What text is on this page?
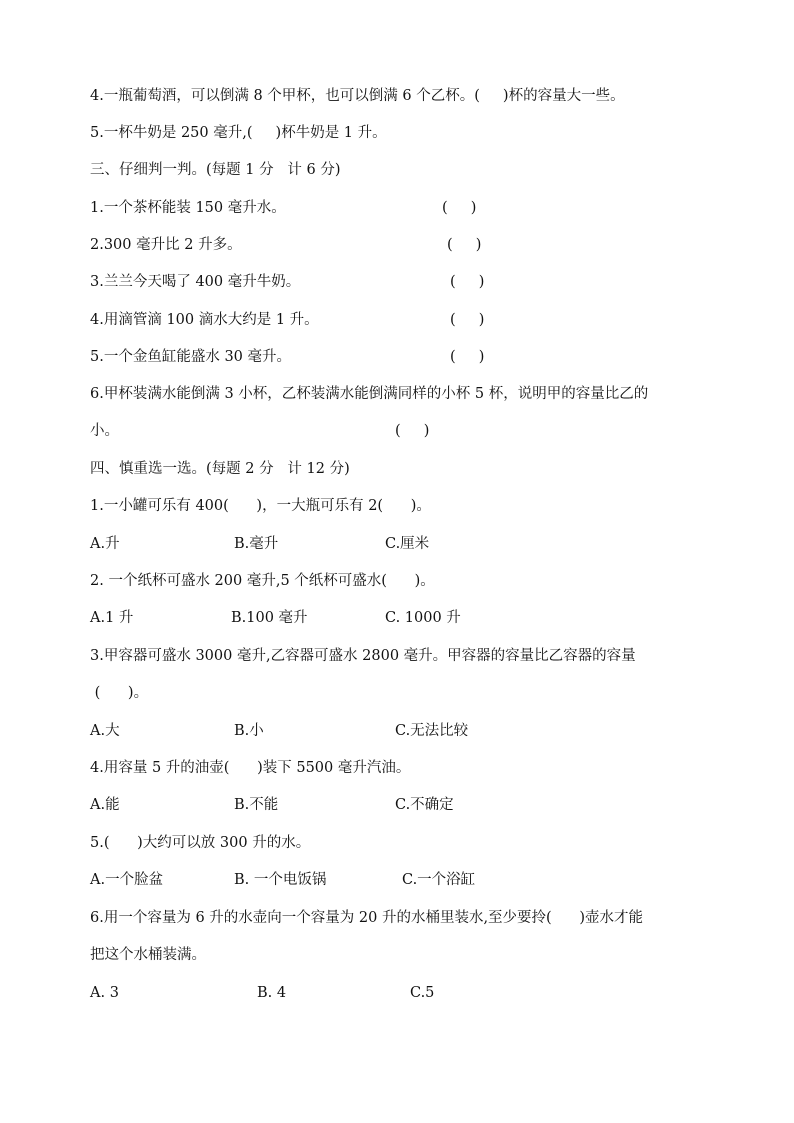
4.一瓶葡萄酒，可以倒满 8 个甲杯，也可以倒满 6 个乙杯。(     )杯的容量大一些。
5.一杯牛奶是 250 毫升,(     )杯牛奶是 1 升。
三、仔细判一判。(每题 1 分   计 6 分)
1.一个茶杯能装 150 毫升水。	(     )
2.300 毫升比 2 升多。	(     )
3.兰兰今天喝了 400 毫升牛奶。	(     )
4.用滴管滴 100 滴水大约是 1 升。	(     )
5.一个金鱼缸能盛水 30 毫升。	(     )
6.甲杯装满水能倒满 3 小杯，乙杯装满水能倒满同样的小杯 5 杯，说明甲的容量比乙的
小。	(     )
四、慎重选一选。(每题 2 分   计 12 分)
1.一小罐可乐有 400(      )，一大瓶可乐有 2(      )。
A.升	B.毫升	C.厘米
2. 一个纸杯可盛水 200 毫升,5 个纸杯可盛水(      )。
A.1 升	B.100 毫升	C. 1000 升
3.甲容器可盛水 3000 毫升,乙容器可盛水 2800 毫升。甲容器的容量比乙容器的容量
(      )。
A.大	B.小	C.无法比较
4.用容量 5 升的油壶(      )装下 5500 毫升汽油。
A.能	B.不能	C.不确定
5.(      )大约可以放 300 升的水。
A.一个脸盆	B. 一个电饭锅	C.一个浴缸
6.用一个容量为 6 升的水壶向一个容量为 20 升的水桶里装水,至少要拎(      )壶水才能
把这个水桶装满。
A. 3	B. 4	C.5
